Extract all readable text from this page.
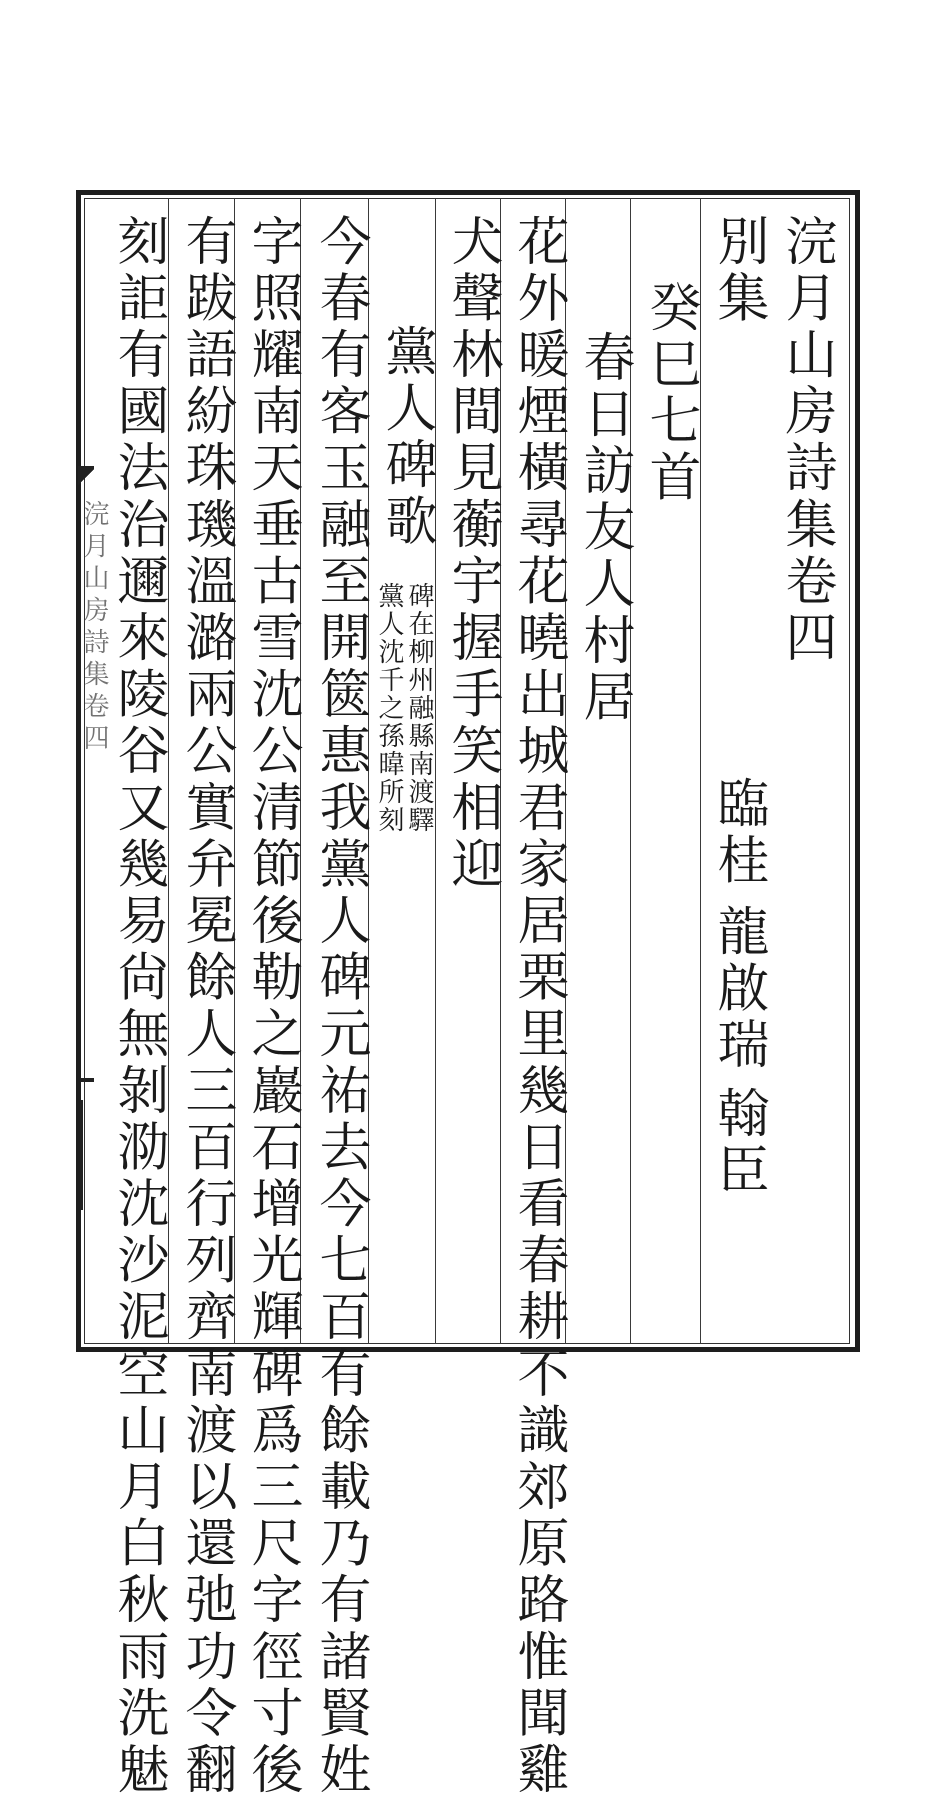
浣月山房詩集卷四	浣月山房詩集卷四
別集
臨桂
龍啟瑞
翰臣
癸巳七首
春日訪友人村居
花外暖煙橫尋花曉出城君家居栗里幾日看春耕不識郊原路惟聞雞
犬聲林間見蘅宇握手笑相迎
黨人碑歌
碑在柳州融縣南渡驛
黨人沈千之孫暐所刻
今春有客玉融至開篋惠我黨人碑元祐去今七百有餘載乃有諸賢姓
字照耀南天垂古雪沈公清節後勒之巖石增光輝碑爲三尺字徑寸後
有跋語紛珠璣溫潞兩公實弁冕餘人三百行列齊南渡以還弛功令翻
刻詎有國法治邇來陵谷又幾易尙無剝泐沈沙泥空山月白秋雨洗魅
